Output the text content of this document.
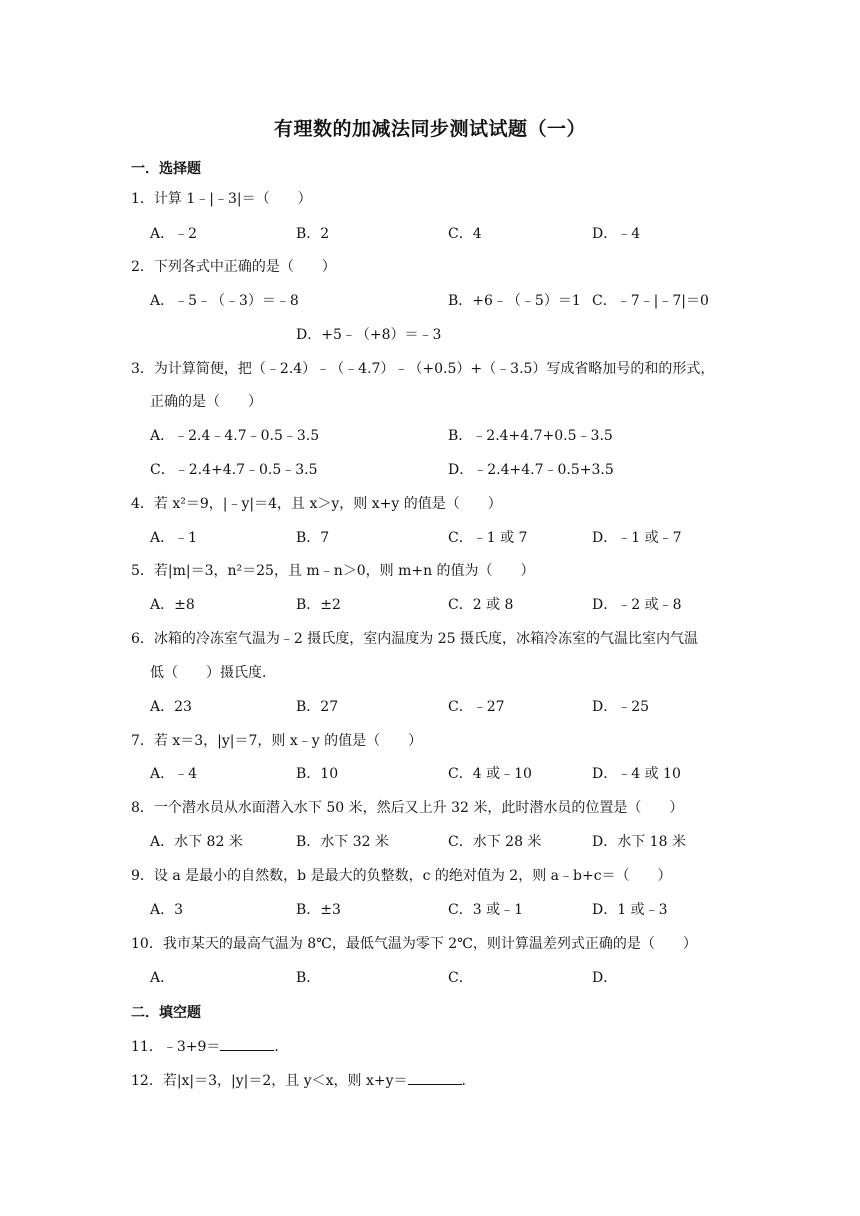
有理数的加减法同步测试试题（一）
一．选择题
1．计算 1﹣|﹣3|＝（　　）
A．﹣2	B．2	C．4	D．﹣4
2．下列各式中正确的是（　　）
A．﹣5﹣（﹣3）＝﹣8	B．+6﹣（﹣5）＝1 C．﹣7﹣|﹣7|＝0
D．+5﹣（+8）＝﹣3
3．为计算简便，把（﹣2.4）﹣（﹣4.7）﹣（+0.5）+（﹣3.5）写成省略加号的和的形式，
正确的是（　　）
A．﹣2.4﹣4.7﹣0.5﹣3.5	B．﹣2.4+4.7+0.5﹣3.5
C．﹣2.4+4.7﹣0.5﹣3.5	D．﹣2.4+4.7﹣0.5+3.5
4．若 x²＝9，|﹣y|＝4，且 x＞y，则 x+y 的值是（　　）
A．﹣1	B．7	C．﹣1 或 7	D．﹣1 或﹣7
5．若|m|＝3，n²＝25，且 m﹣n＞0，则 m+n 的值为（　　）
A．±8	B．±2	C．2 或 8	D．﹣2 或﹣8
6．冰箱的冷冻室气温为﹣2 摄氏度，室内温度为 25 摄氏度，冰箱冷冻室的气温比室内气温
低（　　）摄氏度．
A．23	B．27	C．﹣27	D．﹣25
7．若 x＝3，|y|＝7，则 x﹣y 的值是（　　）
A．﹣4	B．10	C．4 或﹣10	D．﹣4 或 10
8．一个潜水员从水面潜入水下 50 米，然后又上升 32 米，此时潜水员的位置是（　　）
A．水下 82 米	B．水下 32 米	C．水下 28 米	D．水下 18 米
9．设 a 是最小的自然数，b 是最大的负整数，c 的绝对值为 2，则 a﹣b+c＝（　　）
A．3	B．±3	C．3 或﹣1	D．1 或﹣3
10．我市某天的最高气温为 8℃，最低气温为零下 2℃，则计算温差列式正确的是（　　）
A．	B．	C．	D．
二．填空题
11．﹣3+9＝	．
12．若|x|＝3，|y|＝2，且 y＜x，则 x+y＝	．
